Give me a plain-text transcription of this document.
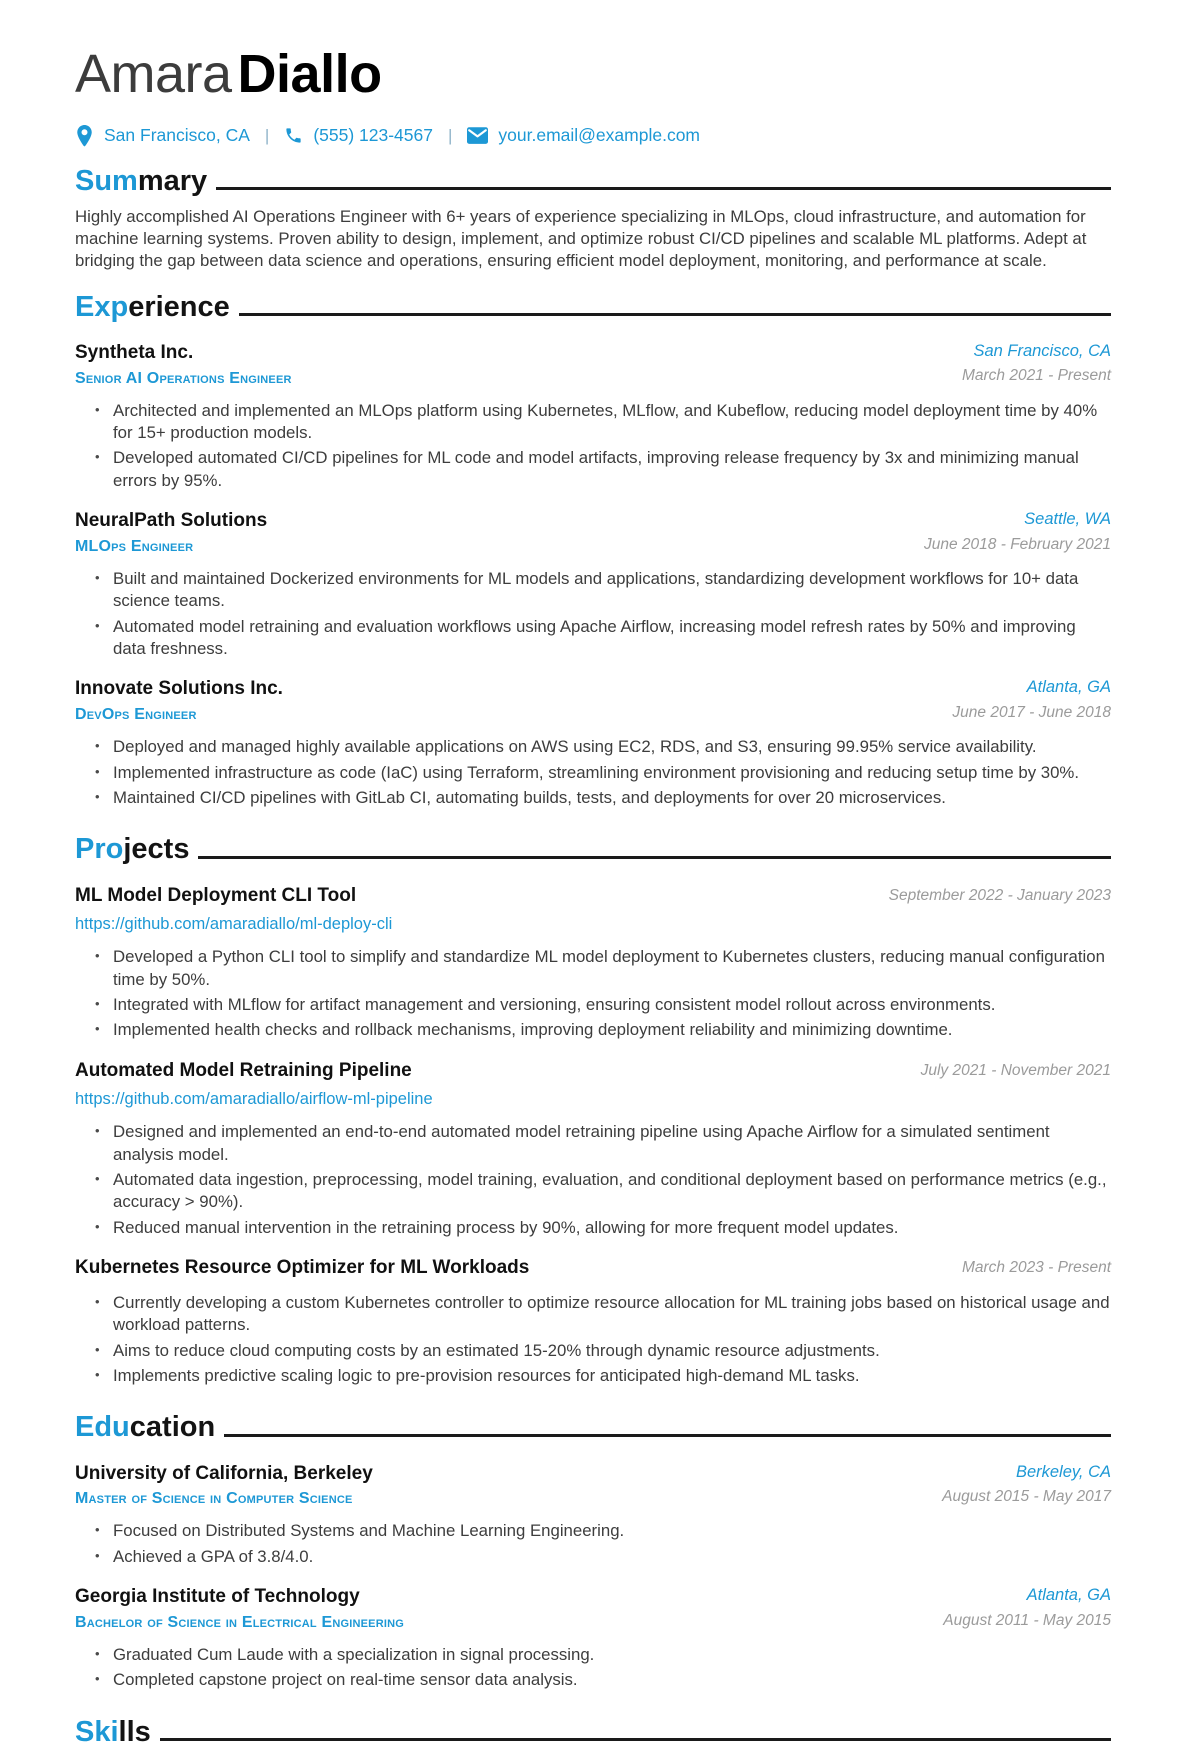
Amara Diallo
San Francisco, CA |	(555) 123-4567 |	your.email@example.com
Summary

Highly accomplished AI Operations Engineer with 6+ years of experience specializing in MLOps, cloud infrastructure, and automation for machine learning systems. Proven ability to design, implement, and optimize robust CI/CD pipelines and scalable ML platforms. Adept at bridging the gap between data science and operations, ensuring efficient model deployment, monitoring, and performance at scale.

Experience
Syntheta Inc.
Senior AI Operations Engineer
San Francisco, CA
March 2021 - Present
• Architected and implemented an MLOps platform using Kubernetes, MLflow, and Kubeflow, reducing model deployment time by 40% for 15+ production models.
• Developed automated CI/CD pipelines for ML code and model artifacts, improving release frequency by 3x and minimizing manual errors by 95%.
NeuralPath Solutions
MLOps Engineer
Seattle, WA
June 2018 - February 2021
• Built and maintained Dockerized environments for ML models and applications, standardizing development workflows for 10+ data science teams.
• Automated model retraining and evaluation workflows using Apache Airflow, increasing model refresh rates by 50% and improving data freshness.
Innovate Solutions Inc.
DevOps Engineer
Atlanta, GA
June 2017 - June 2018
• Deployed and managed highly available applications on AWS using EC2, RDS, and S3, ensuring 99.95% service availability.
• Implemented infrastructure as code (IaC) using Terraform, streamlining environment provisioning and reducing setup time by 30%.
• Maintained CI/CD pipelines with GitLab CI, automating builds, tests, and deployments for over 20 microservices.
Projects
ML Model Deployment CLI Tool	September 2022 - January 2023
https://github.com/amaradiallo/ml-deploy-cli
• Developed a Python CLI tool to simplify and standardize ML model deployment to Kubernetes clusters, reducing manual configuration time by 50%.
• Integrated with MLflow for artifact management and versioning, ensuring consistent model rollout across environments.
• Implemented health checks and rollback mechanisms, improving deployment reliability and minimizing downtime.
Automated Model Retraining Pipeline	July 2021 - November 2021
https://github.com/amaradiallo/airflow-ml-pipeline
• Designed and implemented an end-to-end automated model retraining pipeline using Apache Airflow for a simulated sentiment analysis model.
• Automated data ingestion, preprocessing, model training, evaluation, and conditional deployment based on performance metrics (e.g., accuracy > 90%).
• Reduced manual intervention in the retraining process by 90%, allowing for more frequent model updates.
Kubernetes Resource Optimizer for ML Workloads	March 2023 - Present
• Currently developing a custom Kubernetes controller to optimize resource allocation for ML training jobs based on historical usage and workload patterns.
• Aims to reduce cloud computing costs by an estimated 15-20% through dynamic resource adjustments.
• Implements predictive scaling logic to pre-provision resources for anticipated high-demand ML tasks.
Education
University of California, Berkeley
Master of Science in Computer Science
Berkeley, CA
August 2015 - May 2017
• Focused on Distributed Systems and Machine Learning Engineering.
• Achieved a GPA of 3.8/4.0.
Georgia Institute of Technology
Bachelor of Science in Electrical Engineering
Atlanta, GA
August 2011 - May 2015
• Graduated Cum Laude with a specialization in signal processing.
• Completed capstone project on real-time sensor data analysis.
Skills
